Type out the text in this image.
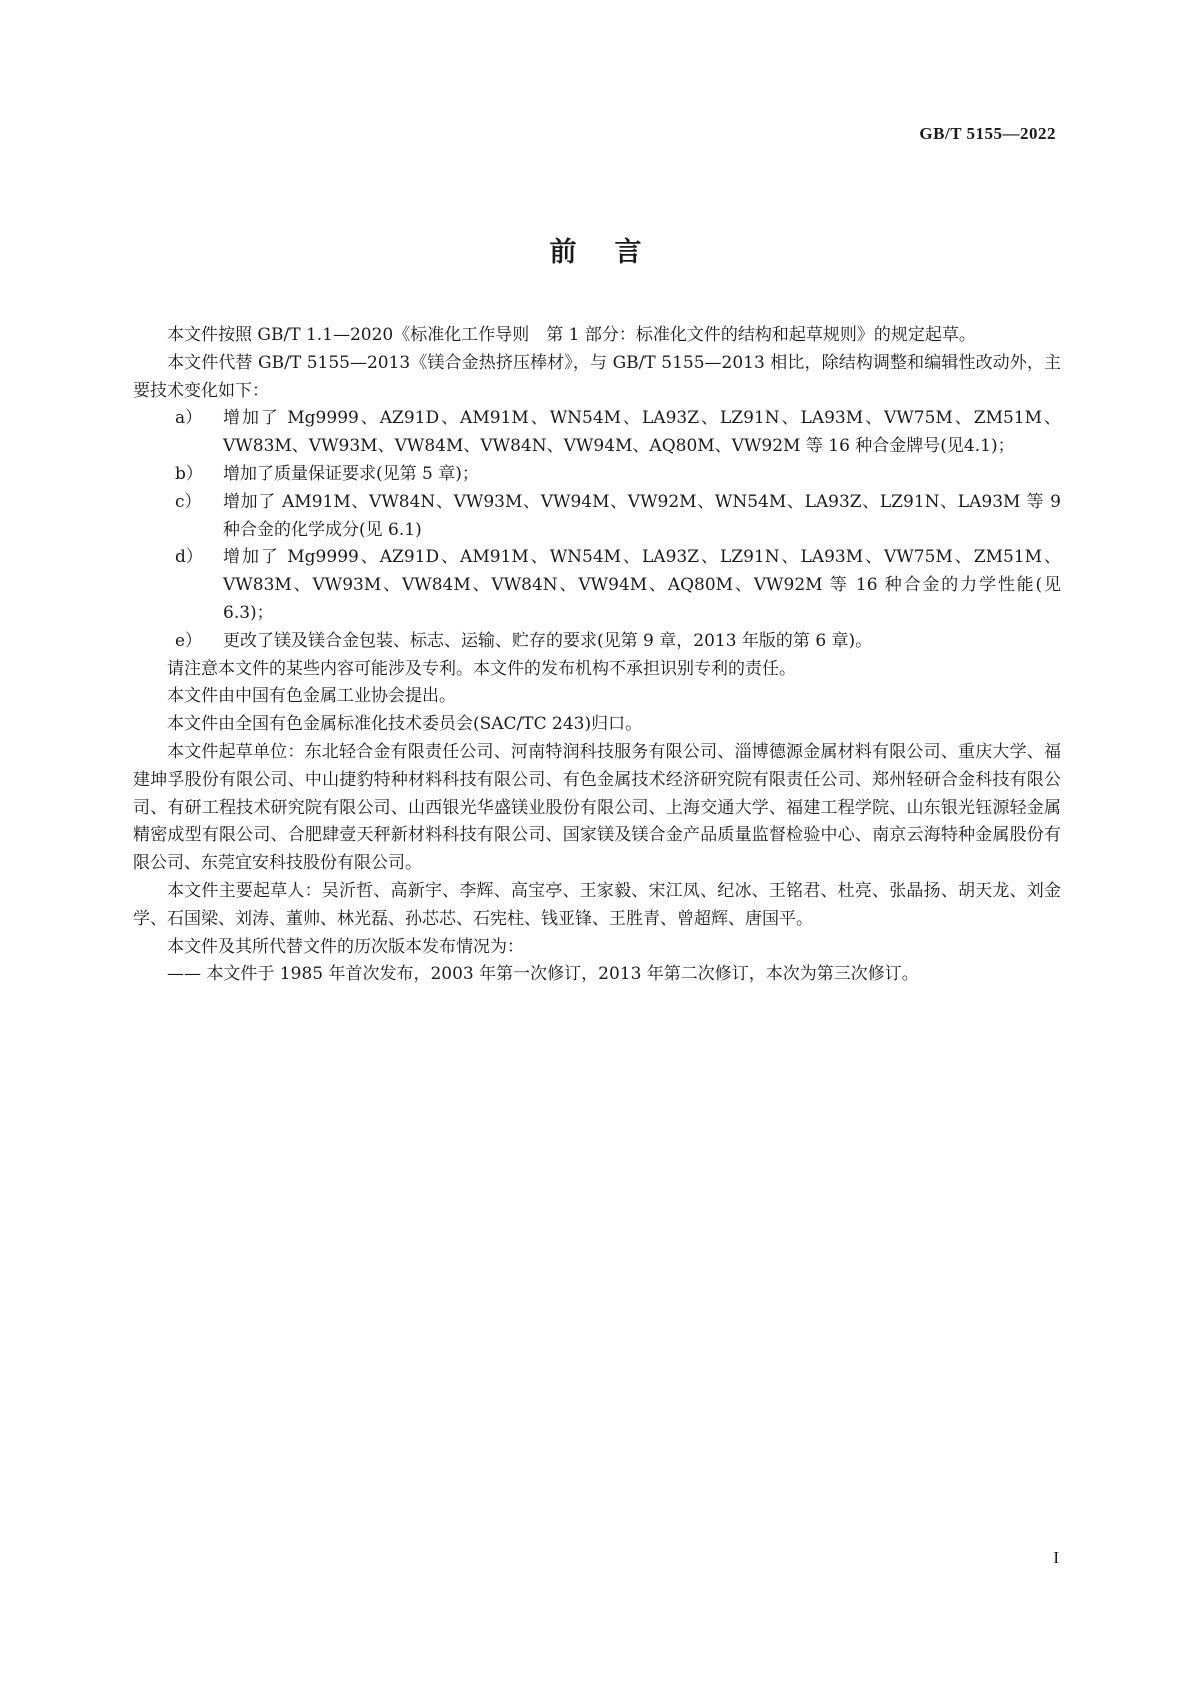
GB/T 5155—2022
前言

本文件按照 GB/T 1.1—2020《标准化工作导则　第 1 部分：标准化文件的结构和起草规则》的规定起草。

本文件代替 GB/T 5155—2013《镁合金热挤压棒材》，与 GB/T 5155—2013 相比，除结构调整和编辑性改动外，主要技术变化如下：

a）	增加了 Mg9999、AZ91D、AM91M、WN54M、LA93Z、LZ91N、LA93M、VW75M、ZM51M、VW83M、VW93M、VW84M、VW84N、VW94M、AQ80M、VW92M 等 16 种合金牌号(见4.1)；
b）	增加了质量保证要求(见第 5 章)；
c）	增加了 AM91M、VW84N、VW93M、VW94M、VW92M、WN54M、LA93Z、LZ91N、LA93M 等 9 种合金的化学成分(见 6.1)
d）	增加了 Mg9999、AZ91D、AM91M、WN54M、LA93Z、LZ91N、LA93M、VW75M、ZM51M、VW83M、VW93M、VW84M、VW84N、VW94M、AQ80M、VW92M 等 16 种合金的力学性能(见 6.3)；
e）	更改了镁及镁合金包装、标志、运输、贮存的要求(见第 9 章，2013 年版的第 6 章)。

请注意本文件的某些内容可能涉及专利。本文件的发布机构不承担识别专利的责任。

本文件由中国有色金属工业协会提出。

本文件由全国有色金属标准化技术委员会(SAC/TC 243)归口。

本文件起草单位：东北轻合金有限责任公司、河南特润科技服务有限公司、淄博德源金属材料有限公司、重庆大学、福建坤孚股份有限公司、中山捷豹特种材料科技有限公司、有色金属技术经济研究院有限责任公司、郑州轻研合金科技有限公司、有研工程技术研究院有限公司、山西银光华盛镁业股份有限公司、上海交通大学、福建工程学院、山东银光钰源轻金属精密成型有限公司、合肥肆壹天秤新材料科技有限公司、国家镁及镁合金产品质量监督检验中心、南京云海特种金属股份有限公司、东莞宜安科技股份有限公司。

本文件主要起草人：吴沂哲、高新宇、李辉、高宝亭、王家毅、宋江凤、纪冰、王铭君、杜亮、张晶扬、胡天龙、刘金学、石国梁、刘涛、董帅、林光磊、孙芯芯、石宪柱、钱亚锋、王胜青、曾超辉、唐国平。

本文件及其所代替文件的历次版本发布情况为：

—— 本文件于 1985 年首次发布，2003 年第一次修订，2013 年第二次修订，本次为第三次修订。

I
